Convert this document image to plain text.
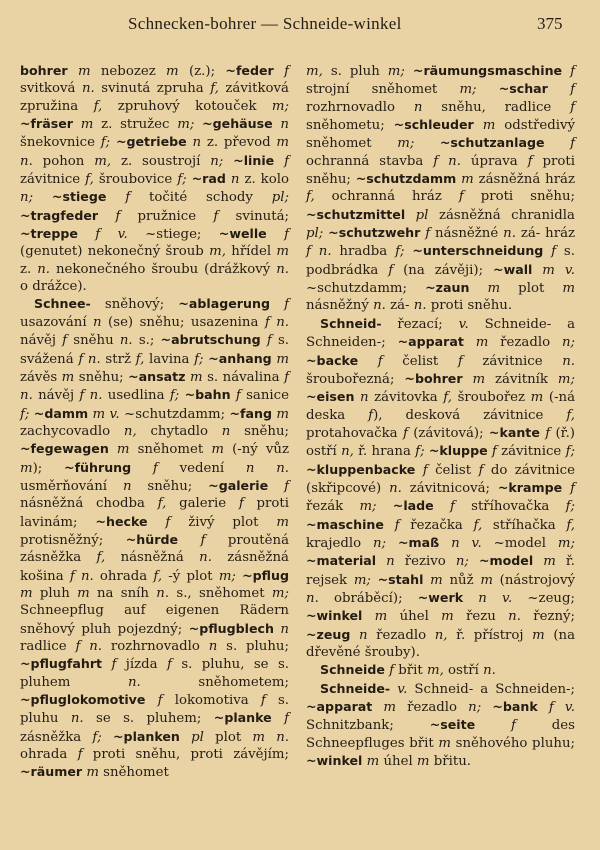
Schnecken-bohrer — Schneide-winkel	375

bohrer m nebozez m (z.); ~feder f svitková n. svinutá zpruha f, závitková zpružina f, zpruhový kotouček m; ~fräser m z. stružec m; ~gehäuse n šnekovnice f; ~getriebe n z. převod m n. pohon m, z. soustrojí n; ~linie f závitnice f, šroubovice f; ~rad n z. kolo n; ~stiege f točité schody pl; ~tragfeder f pružnice f svinutá; ~treppe f v. ~stiege; ~welle f (genutet) nekonečný šroub m, hřídel m z. n. nekonečného šroubu (drážkový n. o drážce).

Schnee- sněhový; ~ablagerung f usazování n (se) sněhu; usazenina f n. návěj f sněhu n. s.; ~abrutschung f s. svážená f n. strž f, lavina f; ~anhang m závěs m sněhu; ~ansatz m s. návalina f n. návěj f n. usedlina f; ~bahn f sanice f; ~damm m v. ~schutzdamm; ~fang m zachycovadlo n, chytadlo n sněhu; ~fegewagen m sněhomet m (-ný vůz m); ~führung f vedení n n. usměrňování n sněhu; ~galerie f násněžná chodba f, galerie f proti lavinám; ~hecke f živý plot m protisněžný; ~hürde f proutěná zásněžka f, násněžná n. zásněžná košina f n. ohrada f, -ý plot m; ~pflug m pluh m na sníh n. s., sněhomet m; Schneepflug auf eigenen Rädern sněhový pluh pojezdný; ~pflugblech n radlice f n. rozhrnovadlo n s. pluhu; ~pflugfahrt f jízda f s. pluhu, se s. pluhem n. sněhometem; ~pfluglokomotive f lokomotiva f s. pluhu n. se s. pluhem; ~planke f zásněžka f; ~planken pl plot m n. ohrada f proti sněhu, proti závějím; ~räumer m sněhomet

m, s. pluh m; ~räumungsmaschine f strojní sněhomet m; ~schar f rozhrnovadlo n sněhu, radlice f sněhometu; ~schleuder m odstředivý sněhomet m; ~schutzanlage f ochranná stavba f n. úprava f proti sněhu; ~schutzdamm m zásněžná hráz f, ochranná hráz f proti sněhu; ~schutzmittel pl zásněžná chranidla pl; ~schutzwehr f násněžné n. zá- hráz f n. hradba f; ~unterschneidung f s. podbrádka f (na závěji); ~wall m v. ~schutzdamm; ~zaun m plot m násněžný n. zá- n. proti sněhu.

Schneid- řezací; v. Schneide- a Schneiden-; ~apparat m řezadlo n; ~backe f čelist f závitnice n. šroubořezná; ~bohrer m závitník m; ~eisen n závitovka f, šroubořez m (-ná deska f), desková závitnice f, protahovačka f (závitová); ~kante f (ř.) ostří n, ř. hrana f; ~kluppe f závitnice f; ~kluppenbacke f čelist f do závitnice (skřipcové) n. závitnicová; ~krampe f řezák m; ~lade f stříhovačka f; ~maschine f řezačka f, stříhačka f, krajedlo n; ~maß n v. ~model m; ~material n řezivo n; ~model m ř. rejsek m; ~stahl m nůž m (nástrojový n. obráběcí); ~werk n v. ~zeug; ~winkel m úhel m řezu n. řezný; ~zeug n řezadlo n, ř. přístroj m (na dřevěné šrouby).

Schneide f břit m, ostří n.

Schneide- v. Schneid- a Schneiden-; ~apparat m řezadlo n; ~bank f v. Schnitzbank; ~seite	f des Schneepfluges břit m sněhového pluhu; ~winkel m úhel m břitu.
